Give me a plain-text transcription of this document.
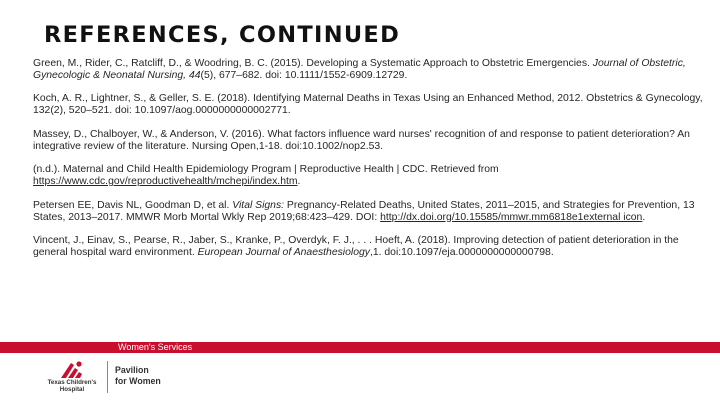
REFERENCES, CONTINUED

Green, M., Rider, C., Ratcliff, D., & Woodring, B. C. (2015). Developing a Systematic Approach to Obstetric Emergencies. Journal of Obstetric, Gynecologic & Neonatal Nursing, 44(5), 677–682. doi: 10.1111/1552-6909.12729.

Koch, A. R., Lightner, S., & Geller, S. E. (2018). Identifying Maternal Deaths in Texas Using an Enhanced Method, 2012. Obstetrics & Gynecology, 132(2), 520–521. doi: 10.1097/aog.0000000000002771.

Massey, D., Chalboyer, W., & Anderson, V. (2016). What factors influence ward nurses' recognition of and response to patient deterioration? An integrative review of the literature. Nursing Open,1-18. doi:10.1002/nop2.53.

(n.d.). Maternal and Child Health Epidemiology Program | Reproductive Health | CDC. Retrieved from https://www.cdc.gov/reproductivehealth/mchepi/index.htm.

Petersen EE, Davis NL, Goodman D, et al. Vital Signs: Pregnancy-Related Deaths, United States, 2011–2015, and Strategies for Prevention, 13 States, 2013–2017. MMWR Morb Mortal Wkly Rep 2019;68:423–429. DOI: http://dx.doi.org/10.15585/mmwr.mm6818e1external icon.

Vincent, J., Einav, S., Pearse, R., Jaber, S., Kranke, P., Overdyk, F. J., . . . Hoeft, A. (2018). Improving detection of patient deterioration in the general hospital ward environment. European Journal of Anaesthesiology,1. doi:10.1097/eja.0000000000000798.

Women's Services
Texas Children's Hospital
Pavilion for Women
